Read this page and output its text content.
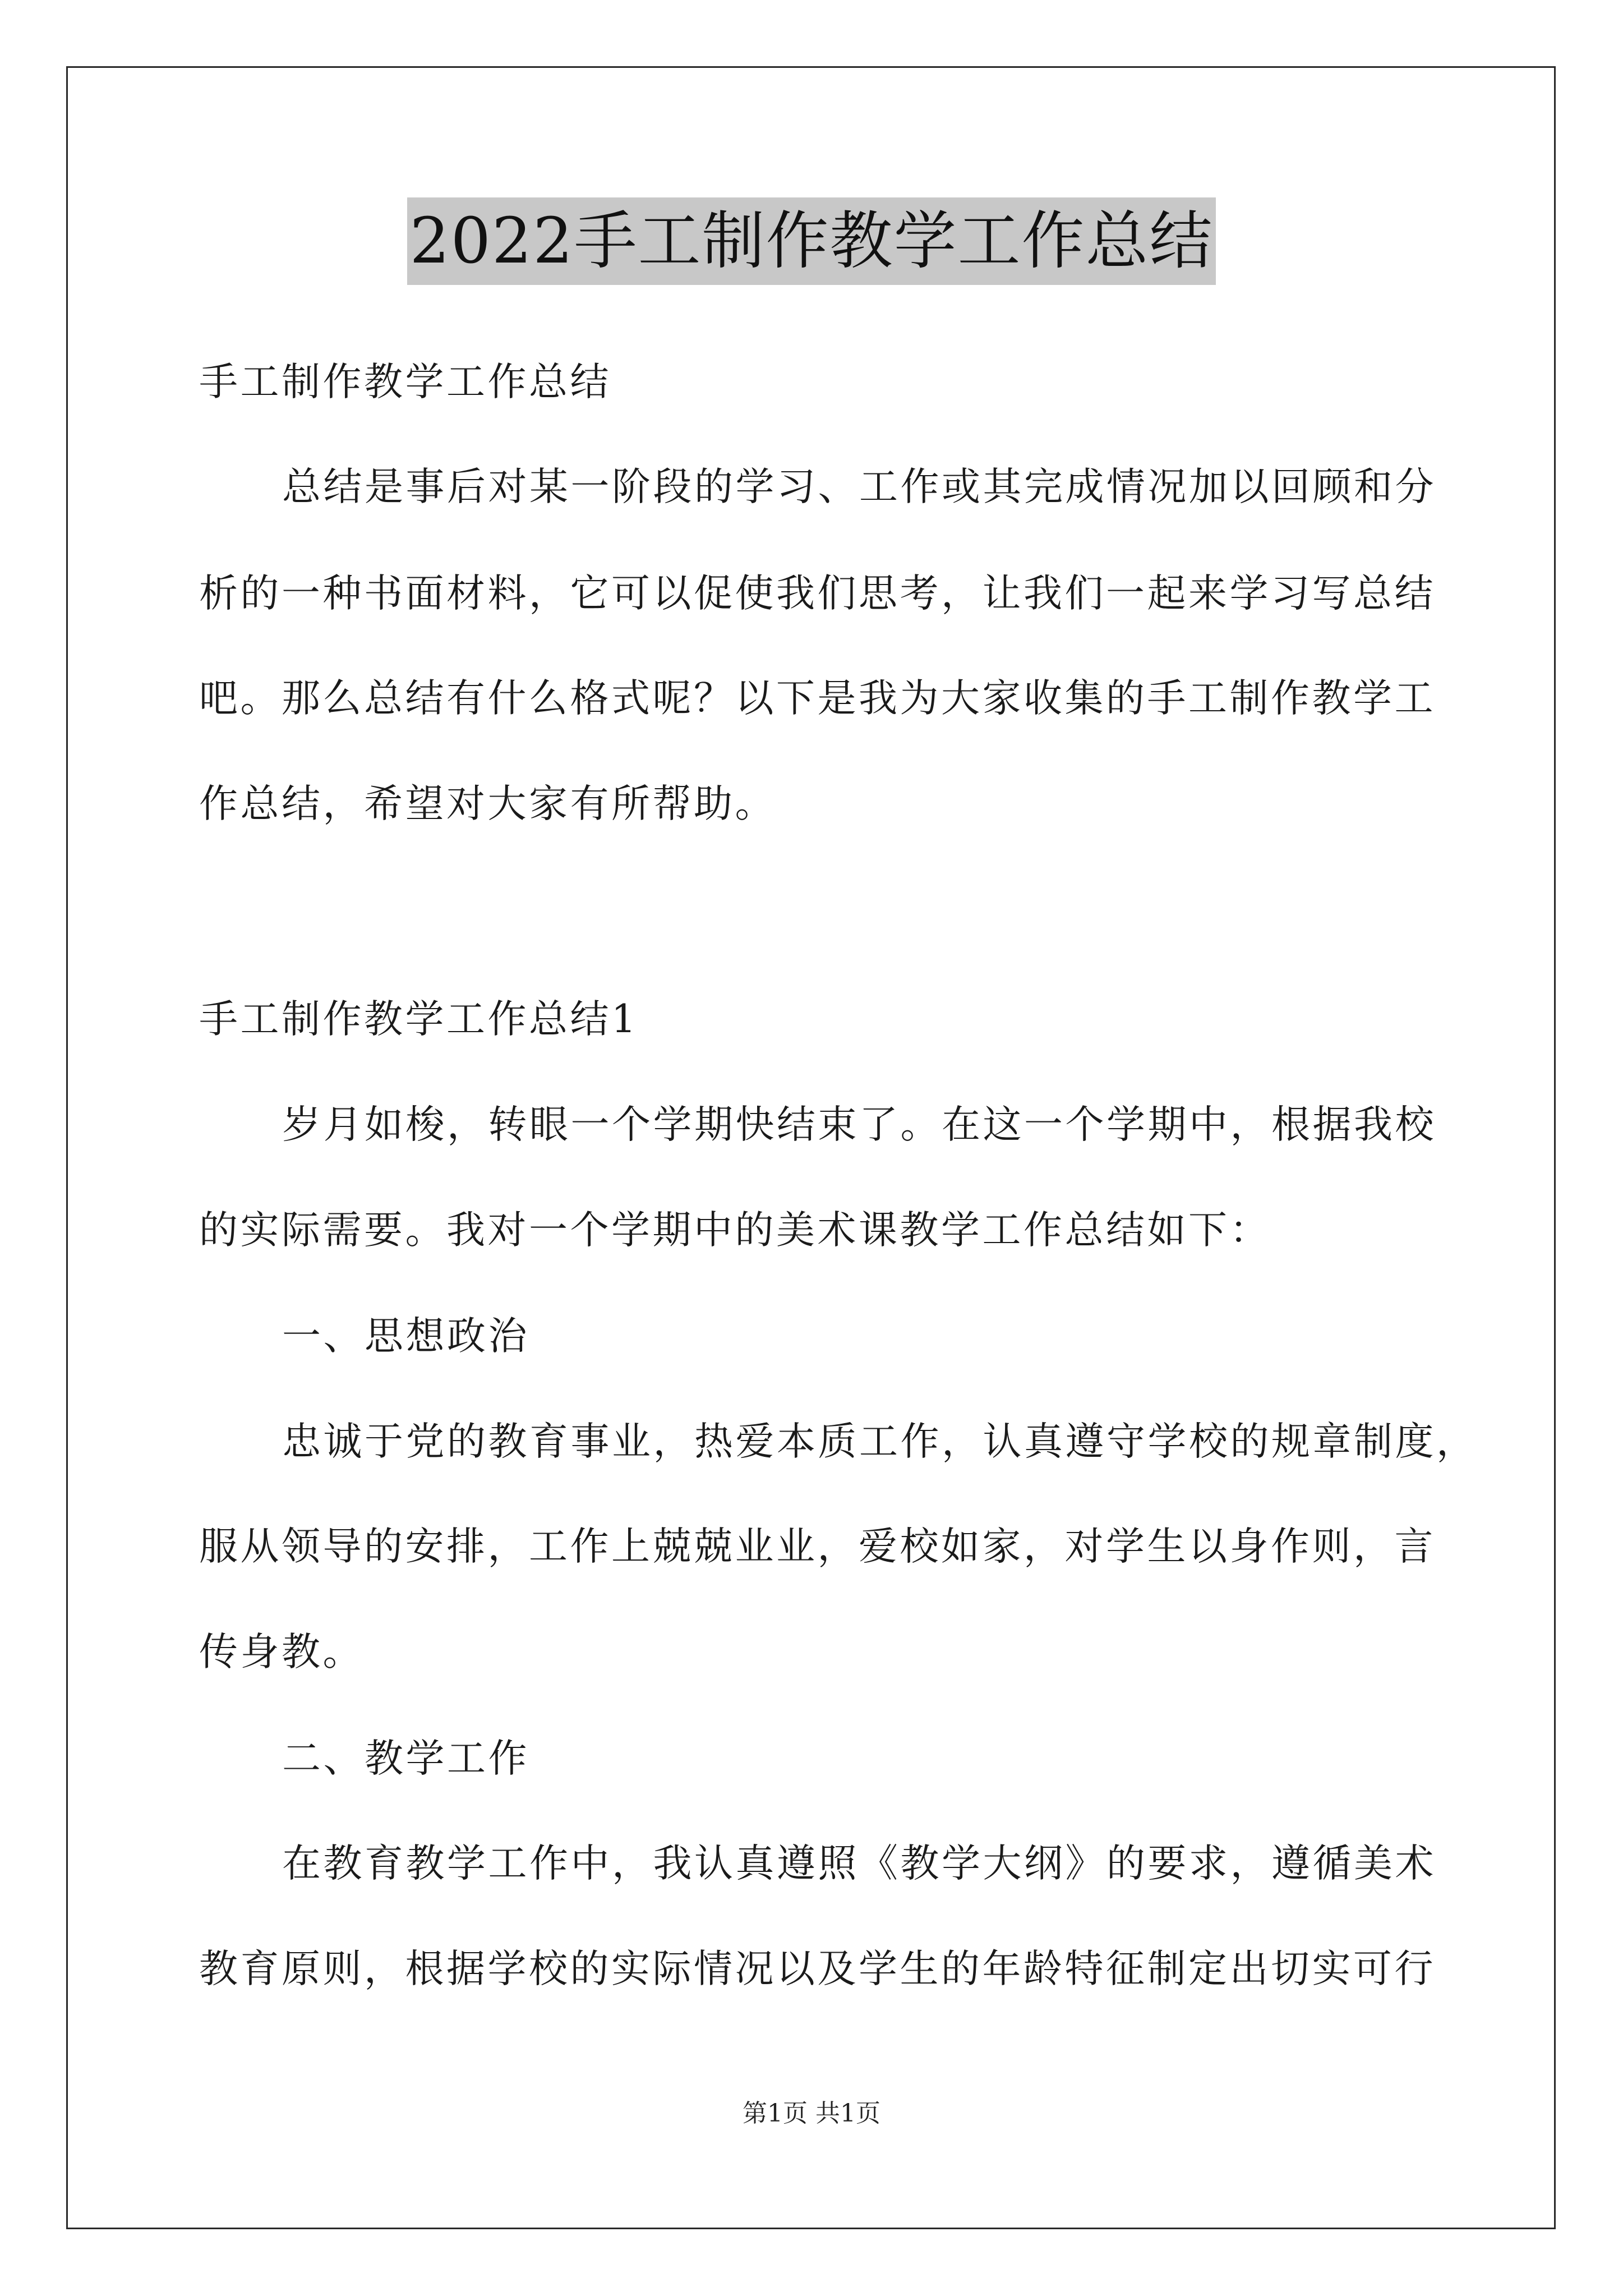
2022手工制作教学工作总结
手工制作教学工作总结
总结是事后对某一阶段的学习、工作或其完成情况加以回顾和分
析的一种书面材料，它可以促使我们思考，让我们一起来学习写总结
吧。那么总结有什么格式呢？以下是我为大家收集的手工制作教学工
作总结，希望对大家有所帮助。
手工制作教学工作总结1
岁月如梭，转眼一个学期快结束了。在这一个学期中，根据我校
的实际需要。我对一个学期中的美术课教学工作总结如下：
一、思想政治
忠诚于党的教育事业，热爱本质工作，认真遵守学校的规章制度，
服从领导的安排，工作上兢兢业业，爱校如家，对学生以身作则，言
传身教。
二、教学工作
在教育教学工作中，我认真遵照《教学大纲》的要求，遵循美术
教育原则，根据学校的实际情况以及学生的年龄特征制定出切实可行
第1页 共1页
